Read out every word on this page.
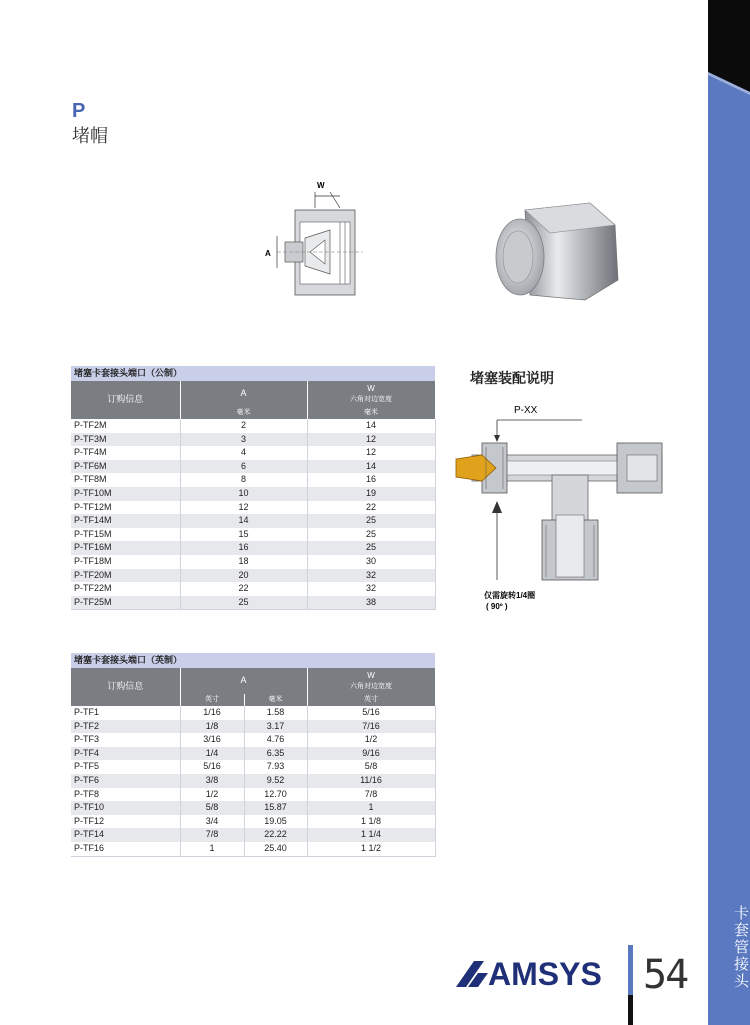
卡套管接头
P
堵帽
W
A
堵塞装配说明
P-XX
仅需旋转1/4圈
( 90º )
堵塞卡套接头端口（公制）		
订购信息	A	W
六角对边宽度
	毫米	毫米
P-TF2M	2	14
P-TF3M	3	12
P-TF4M	4	12
P-TF6M	6	14
P-TF8M	8	16
P-TF10M	10	19
P-TF12M	12	22
P-TF14M	14	25
P-TF15M	15	25
P-TF16M	16	25
P-TF18M	18	30
P-TF20M	20	32
P-TF22M	22	32
P-TF25M	25	38
堵塞卡套接头端口（英制）			
订购信息	A		W
六角对边宽度
	英寸	毫米	英寸
P-TF1	1/16	1.58	5/16
P-TF2	1/8	3.17	7/16
P-TF3	3/16	4.76	1/2
P-TF4	1/4	6.35	9/16
P-TF5	5/16	7.93	5/8
P-TF6	3/8	9.52	11/16
P-TF8	1/2	12.70	7/8
P-TF10	5/8	15.87	1
P-TF12	3/4	19.05	1 1/8
P-TF14	7/8	22.22	1 1/4
P-TF16	1	25.40	1 1/2
AMSYS 54
